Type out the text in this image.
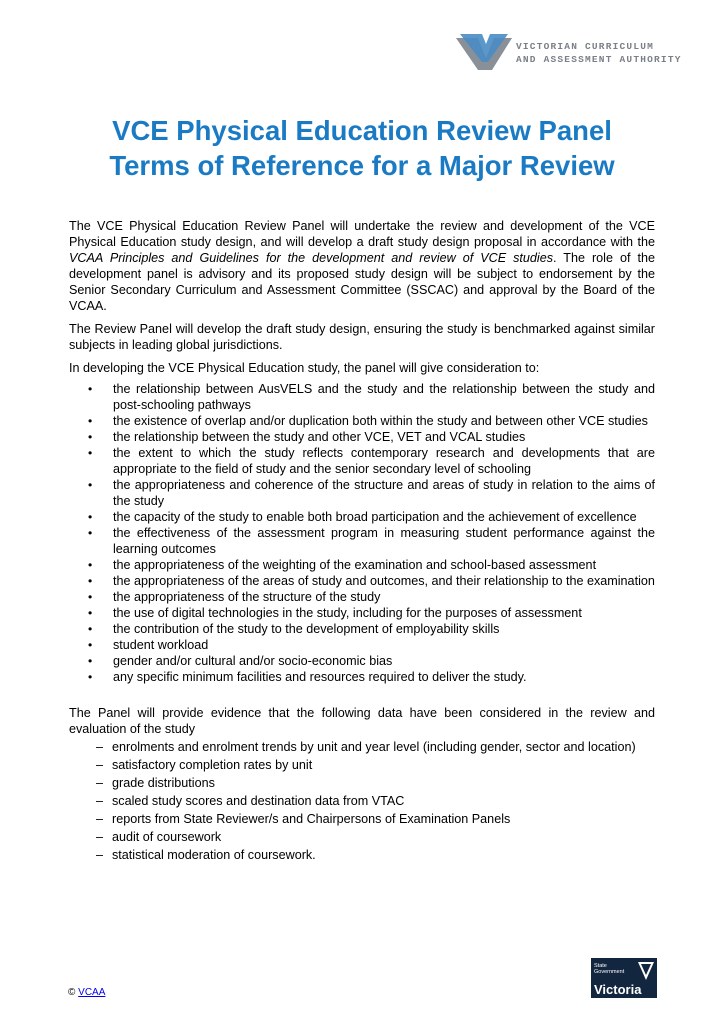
VICTORIAN CURRICULUM
AND ASSESSMENT AUTHORITY
VCE Physical Education Review Panel
Terms of Reference for a Major Review

The VCE Physical Education Review Panel will undertake the review and development of the VCE Physical Education study design, and will develop a draft study design proposal in accordance with the VCAA Principles and Guidelines for the development and review of VCE studies. The role of the development panel is advisory and its proposed study design will be subject to endorsement by the Senior Secondary Curriculum and Assessment Committee (SSCAC) and approval by the Board of the VCAA.

The Review Panel will develop the draft study design, ensuring the study is benchmarked against similar subjects in leading global jurisdictions.

In developing the VCE Physical Education study, the panel will give consideration to:

• the relationship between AusVELS and the study and the relationship between the study and post-schooling pathways
• the existence of overlap and/or duplication both within the study and between other VCE studies
• the relationship between the study and other VCE, VET and VCAL studies
• the extent to which the study reflects contemporary research and developments that are appropriate to the field of study and the senior secondary level of schooling
• the appropriateness and coherence of the structure and areas of study in relation to the aims of the study
• the capacity of the study to enable both broad participation and the achievement of excellence
• the effectiveness of the assessment program in measuring student performance against the learning outcomes
• the appropriateness of the weighting of the examination and school-based assessment
• the appropriateness of the areas of study and outcomes, and their relationship to the examination
• the appropriateness of the structure of the study
• the use of digital technologies in the study, including for the purposes of assessment
• the contribution of the study to the development of employability skills
• student workload
• gender and/or cultural and/or socio-economic bias
• any specific minimum facilities and resources required to deliver the study.

The Panel will provide evidence that the following data have been considered in the review and evaluation of the study

– enrolments and enrolment trends by unit and year level (including gender, sector and location)
– satisfactory completion rates by unit
– grade distributions
– scaled study scores and destination data from VTAC
– reports from State Reviewer/s and Chairpersons of Examination Panels
– audit of coursework
– statistical moderation of coursework.
© VCAA
State
Government
Victoria
